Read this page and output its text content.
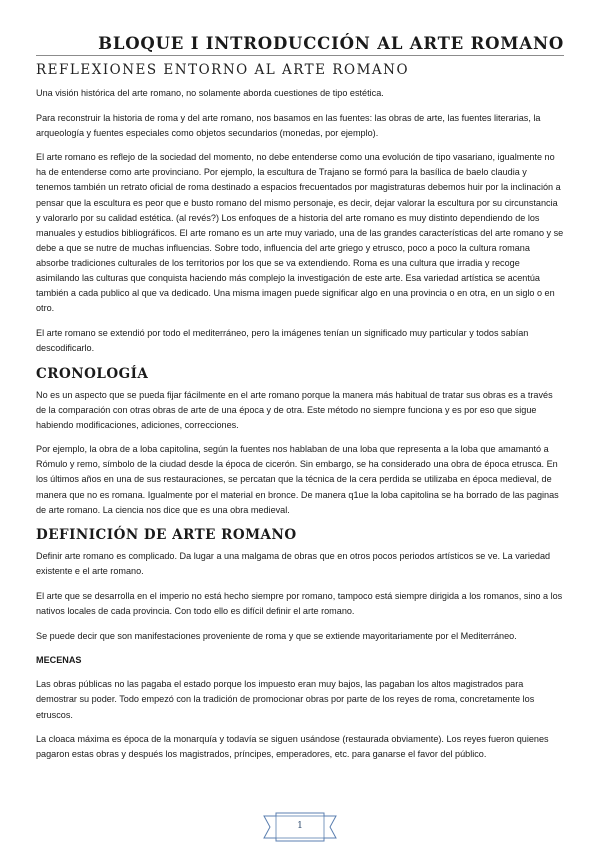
BLOQUE I INTRODUCCIÓN AL ARTE ROMANO
REFLEXIONES ENTORNO AL ARTE ROMANO

Una visión histórica del arte romano, no solamente aborda cuestiones de tipo estética.

Para reconstruir la historia de roma y del arte romano, nos basamos en las fuentes: las obras de arte, las fuentes literarias, la arqueología y fuentes especiales como objetos secundarios (monedas, por ejemplo).

El arte romano es reflejo de la sociedad del momento, no debe entenderse como una evolución de tipo vasariano, igualmente no ha de entenderse como arte provinciano. Por ejemplo, la escultura de Trajano se formó para la basílica de baelo claudia y tenemos también un retrato oficial de roma destinado a espacios frecuentados por magistraturas debemos huir por la inclinación a pensar que la escultura es peor que e busto romano del mismo personaje, es decir, dejar valorar la escultura por su circunstancia y valorarlo por su calidad estética. (al revés?) Los enfoques de a historia del arte romano es muy distinto dependiendo de los manuales y estudios bibliográficos. El arte romano es un arte muy variado, una de las grandes características del arte romano y se debe a que se nutre de muchas influencias. Sobre todo, influencia del arte griego y etrusco, poco a poco la cultura romana absorbe tradiciones culturales de los territorios por los que se va extendiendo. Roma es una cultura que irradia y recoge asimilando las culturas que conquista haciendo más complejo la investigación de este arte. Esa variedad artística se acentúa también a cada publico al que va dedicado. Una misma imagen puede significar algo en una provincia o en otra, en un siglo o en otro.

El arte romano se extendió por todo el mediterráneo, pero la imágenes tenían un significado muy particular y todos sabían descodificarlo.

CRONOLOGÍA

No es un aspecto que se pueda fijar fácilmente en el arte romano porque la manera más habitual de tratar sus obras es a través de la comparación con otras obras de arte de una época y de otra. Este método no siempre funciona y es por eso que sigue habiendo modificaciones, adiciones, correcciones.

Por ejemplo, la obra de a loba capitolina, según la fuentes nos hablaban de una loba que representa a la loba que amamantó a Rómulo y remo, símbolo de la ciudad desde la época de cicerón. Sin embargo, se ha considerado una obra de época etrusca. En los últimos años en una de sus restauraciones, se percatan que la técnica de la cera perdida se utilizaba en época medieval, de manera que no es romana. Igualmente por el material en bronce. De manera q1ue la loba capitolina se ha borrado de las paginas de arte romano. La ciencia nos dice que es una obra medieval.

DEFINICIÓN DE ARTE ROMANO

Definir arte romano es complicado. Da lugar a una malgama de obras que en otros pocos periodos artísticos se ve. La variedad existente e el arte romano.

El arte que se desarrolla en el imperio no está hecho siempre por romano, tampoco está siempre dirigida a los romanos, sino a los nativos locales de cada provincia. Con todo ello es difícil definir el arte romano.

Se puede decir que son manifestaciones proveniente de roma y que se extiende mayoritariamente por el Mediterráneo.

MECENAS

Las obras públicas no las pagaba el estado porque los impuesto eran muy bajos, las pagaban los altos magistrados para demostrar su poder. Todo empezó con la tradición de promocionar obras por parte de los reyes de roma, concretamente los etruscos.

La cloaca máxima es época de la monarquía y todavía se siguen usándose (restaurada obviamente). Los reyes fueron quienes pagaron estas obras y después los magistrados, príncipes, emperadores, etc. para ganarse el favor del público.

1
